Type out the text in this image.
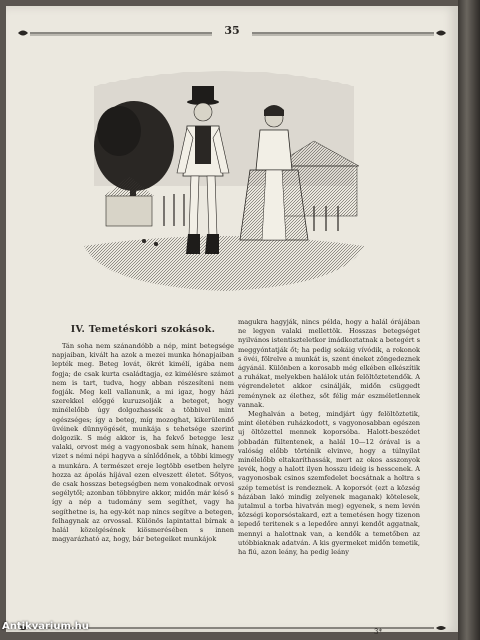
35
IV. Temetéskori szokások.

Tán soha nem szánandóbb a nép, mint betegsége napjaiban, kivált ha azok a mezei munka hónapjaiban lepték meg. Beteg lovát, ökrét kimélí, igába nem fogja; de csak kurta családtagja, ez kimélésre számot nem is tart, tudva, hogy abban részesíteni nem fogják. Meg kell vallanunk, a mi igaz, hogy házi szerekkel előggé kuruzsolják a beteget, hogy minélelőbb úgy dolgozhassék a többivel mint egészséges; így a beteg, míg mozoghat, kikerülendő üvéinek dünnyögését, munkája s tehetsége szerint dolgozik. S még akkor is, ha fekvő betegge lesz valaki, orvost még a vagyonosbak sem hínak, hanem vizet s némi népi hagyva a sínlődőnek, a többi kimegy a munkára. A természet ereje legtöbb esetben helyre hozza az ápolás híjával ezen elveszett életet. Sőtyos, de csak hosszas betegségben nem vonakodnak orvosi segélytől; azonban többnyire akkor, midőn már késő s így a nép a tudomány sem segíthet, vagy ha segíthetne is, ha egy-két nap nincs segítve a betegen, felhagynak az orvossal. Különös lapintattal bírnak a halál közelgésének kiösmerésében s innen magyarázható az, hogy, bár betegeiket munkájok

magukra hagyják, nincs példa, hogy a halál órájában ne legyen valaki mellettök. Hosszas betegséget nyilvános istentiszteletkor imádkoztatnak a betegért s meggyóntatják őt; ha pedig sokáig vívódik, a rokonok s övéi, fölrelve a munkát is, szent éneket zöngedeznek ágyánál. Különben a korosabb még elkében elkészítik a ruhákat, melyekben halálok után felöltöztetendők. A végrendeletet akkor csinálják, midőn csüggedt reménynek az élethez, sőt félig már eszméletlennek vannak.

Meghalván a beteg, mindjárt úgy felöltöztetik, mint életében ruházkodott, s vagyonosabban egészen uj öltözettel mennek koporsóba. Halott-beszédet jobbadán fültentenek, a halál 10—12 órával is a valóság előbb történik elvinve, hogy a túlnyilat minélelőbb eltakaríthassák, mert az okos asszonyok levék, hogy a halott ilyen hosszu ideig is hesscenek. A vagyonosbak csinos szemfedelet bocsátnak a holtra s szép temetést is rendeznek. A koporsót (ezt a község házában lakó mindig zelyenek maganak) kötelesek, jutalmul a torba hivatván meg) egyenek, s nem levén községi koporsóstakard, ezt a temetésen hogy tizenon lepedő teritenek s a lepedőre annyi kendőt aggatnak, mennyi a halottnak van, a kendők a temetőben az utóbbiaknak adatván. A kis gyermeket midőn temetik, ha fiú, azon leány, ha pedig leány

3*
Antikvarium.hu
